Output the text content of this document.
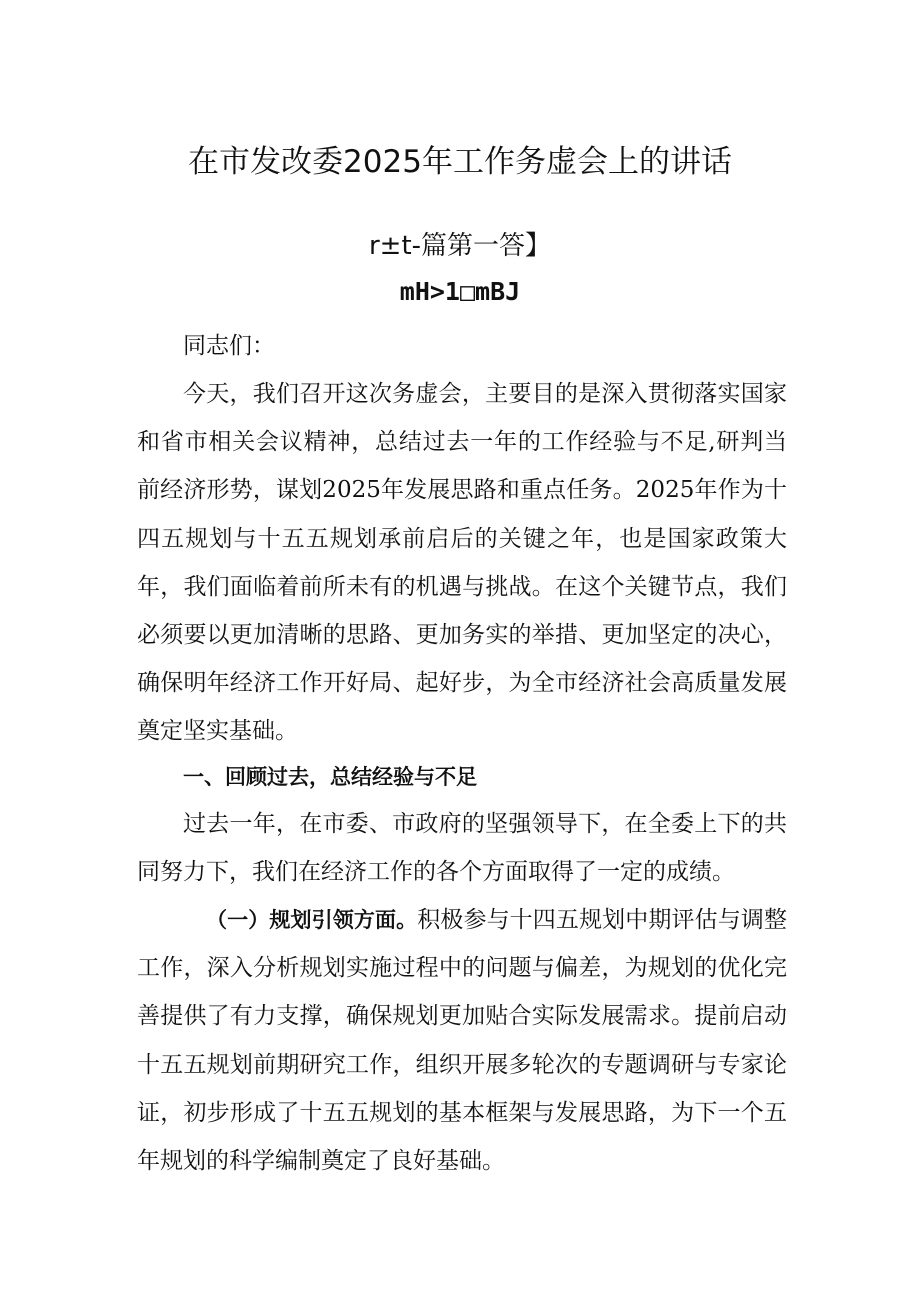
在市发改委2025年工作务虚会上的讲话
r±t-篇第一答】
mH>1□mBJ

同志们：

今天，我们召开这次务虚会，主要目的是深入贯彻落实国家和省市相关会议精神，总结过去一年的工作经验与不足,研判当前经济形势，谋划2025年发展思路和重点任务。2025年作为十四五规划与十五五规划承前启后的关键之年，也是国家政策大年，我们面临着前所未有的机遇与挑战。在这个关键节点，我们必须要以更加清晰的思路、更加务实的举措、更加坚定的决心，确保明年经济工作开好局、起好步，为全市经济社会高质量发展奠定坚实基础。

一、回顾过去，总结经验与不足

过去一年，在市委、市政府的坚强领导下，在全委上下的共同努力下，我们在经济工作的各个方面取得了一定的成绩。

（一）规划引领方面。积极参与十四五规划中期评估与调整工作，深入分析规划实施过程中的问题与偏差，为规划的优化完善提供了有力支撑，确保规划更加贴合实际发展需求。提前启动十五五规划前期研究工作，组织开展多轮次的专题调研与专家论证，初步形成了十五五规划的基本框架与发展思路，为下一个五年规划的科学编制奠定了良好基础。
